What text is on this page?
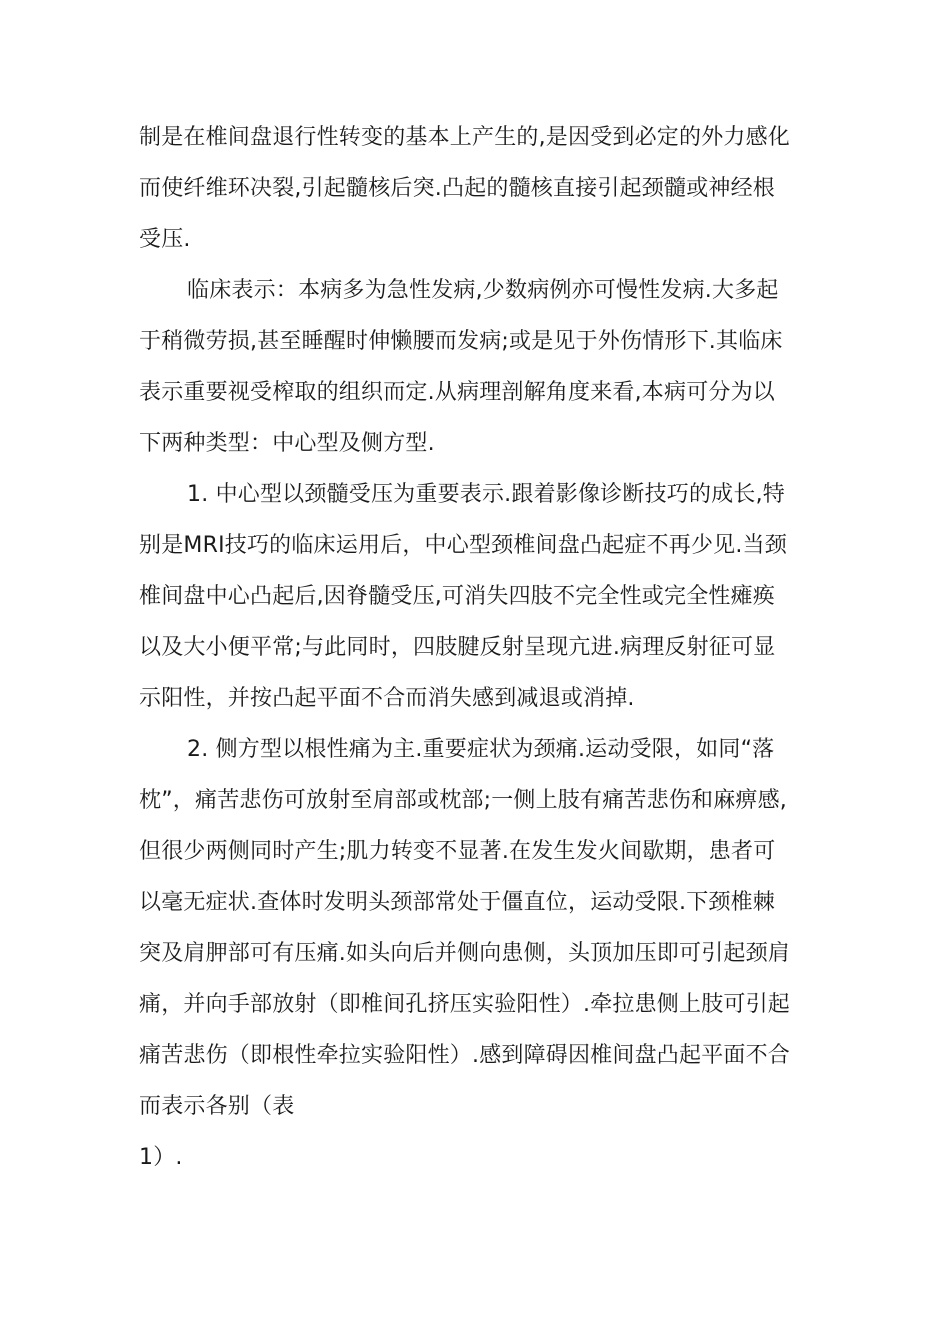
制是在椎间盘退行性转变的基本上产生的,是因受到必定的外力感化
而使纤维环决裂,引起髓核后突.凸起的髓核直接引起颈髓或神经根
受压.
临床表示：本病多为急性发病,少数病例亦可慢性发病.大多起
于稍微劳损,甚至睡醒时伸懒腰而发病;或是见于外伤情形下.其临床
表示重要视受榨取的组织而定.从病理剖解角度来看,本病可分为以
下两种类型：中心型及侧方型.
1. 中心型以颈髓受压为重要表示.跟着影像诊断技巧的成长,特
别是MRI技巧的临床运用后，中心型颈椎间盘凸起症不再少见.当颈
椎间盘中心凸起后,因脊髓受压,可消失四肢不完全性或完全性瘫痪
以及大小便平常;与此同时，四肢腱反射呈现亢进.病理反射征可显
示阳性，并按凸起平面不合而消失感到减退或消掉.
2. 侧方型以根性痛为主.重要症状为颈痛.运动受限，如同“落
枕”，痛苦悲伤可放射至肩部或枕部;一侧上肢有痛苦悲伤和麻痹感,
但很少两侧同时产生;肌力转变不显著.在发生发火间歇期，患者可
以毫无症状.查体时发明头颈部常处于僵直位，运动受限.下颈椎棘
突及肩胛部可有压痛.如头向后并侧向患侧，头顶加压即可引起颈肩
痛，并向手部放射（即椎间孔挤压实验阳性）.牵拉患侧上肢可引起
痛苦悲伤（即根性牵拉实验阳性）.感到障碍因椎间盘凸起平面不合
而表示各别（表
1）.
